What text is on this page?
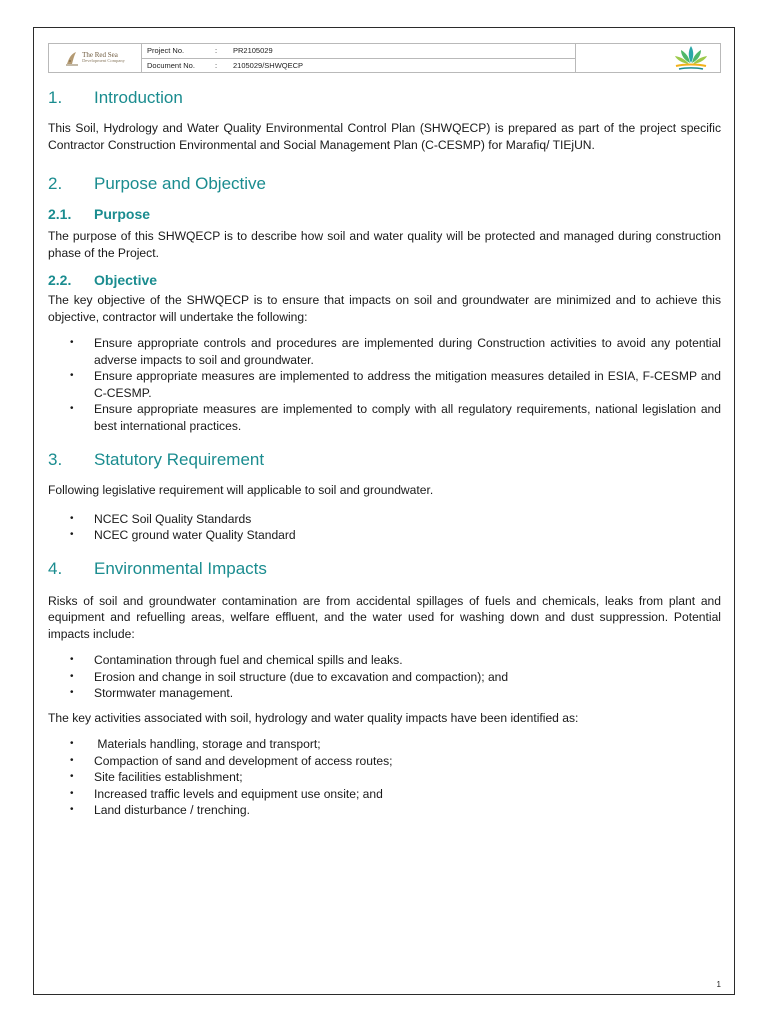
The Red Sea
Development Company
Project No.	:	PR2105029
Document No.	:	2105029/SHWQECP
1.	Introduction

This Soil, Hydrology and Water Quality Environmental Control Plan (SHWQECP) is prepared as part of the project specific Contractor Construction Environmental and Social Management Plan (C-CESMP) for Marafiq/ TIEjUN.

2.	Purpose and Objective
2.1.	Purpose

The purpose of this SHWQECP is to describe how soil and water quality will be protected and managed during construction phase of the Project.

2.2.	Objective

The key objective of the SHWQECP is to ensure that impacts on soil and groundwater are minimized and to achieve this objective, contractor will undertake the following:

• Ensure appropriate controls and procedures are implemented during Construction activities to avoid any potential adverse impacts to soil and groundwater.
• Ensure appropriate measures are implemented to address the mitigation measures detailed in ESIA, F-CESMP and C-CESMP.
• Ensure appropriate measures are implemented to comply with all regulatory requirements, national legislation and best international practices.
3.	Statutory Requirement

Following legislative requirement will applicable to soil and groundwater.

• NCEC Soil Quality Standards
• NCEC ground water Quality Standard
4.	Environmental Impacts

Risks of soil and groundwater contamination are from accidental spillages of fuels and chemicals, leaks from plant and equipment and refuelling areas, welfare effluent, and the water used for washing down and dust suppression. Potential impacts include:

• Contamination through fuel and chemical spills and leaks.
• Erosion and change in soil structure (due to excavation and compaction); and
• Stormwater management.

The key activities associated with soil, hydrology and water quality impacts have been identified as:

•  Materials handling, storage and transport;
• Compaction of sand and development of access routes;
• Site facilities establishment;
• Increased traffic levels and equipment use onsite; and
• Land disturbance / trenching.
1
